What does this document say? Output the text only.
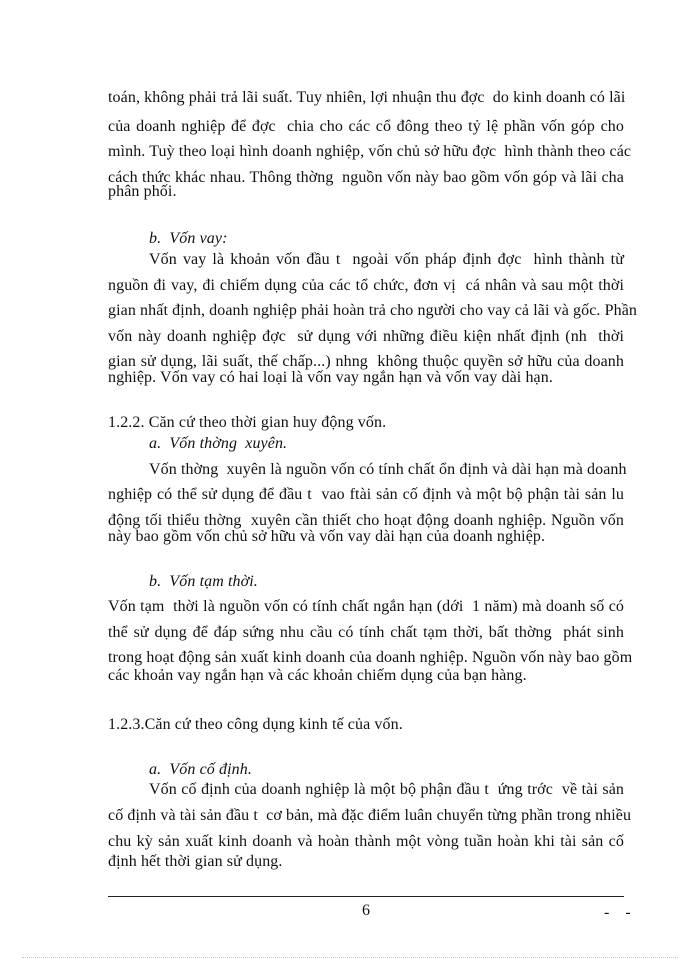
toán, không phải trả lãi suất. Tuy nhiên, lợi nhuận thu đợc  do kinh doanh có lãi
của doanh nghiệp để đợc  chia cho các cổ đông theo tỷ lệ phần vốn góp cho
mình. Tuỳ theo loại hình doanh nghiệp, vốn chủ sở hữu đợc  hình thành theo các
cách thức khác nhau. Thông thờng  nguồn vốn này bao gồm vốn góp và lãi cha
phân phối.
b.  Vốn vay:
Vốn vay là khoản vốn đầu t  ngoài vốn pháp định đợc  hình thành từ
nguồn đi vay, đi chiếm dụng của các tổ chức, đơn vị  cá nhân và sau một thời
gian nhất định, doanh nghiệp phải hoàn trả cho người cho vay cả lãi và gốc. Phần
vốn này doanh nghiệp đợc  sử dụng với những điều kiện nhất định (nh  thời
gian sử dụng, lãi suất, thế chấp...) nhng  không thuộc quyền sở hữu của doanh
nghiệp. Vốn vay có hai loại là vốn vay ngắn hạn và vốn vay dài hạn.
1.2.2. Căn cứ theo thời gian huy động vốn.
a.  Vốn thờng  xuyên.
Vốn thờng  xuyên là nguồn vốn có tính chất ổn định và dài hạn mà doanh
nghiệp có thể sử dụng để đầu t  vao ftài sản cố định và một bộ phận tài sản lu
động tối thiểu thờng  xuyên cần thiết cho hoạt động doanh nghiệp. Nguồn vốn
này bao gồm vốn chủ sở hữu và vốn vay dài hạn của doanh nghiệp.
b.  Vốn tạm thời.
Vốn tạm  thời là nguồn vốn có tính chất ngắn hạn (dới  1 năm) mà doanh số có
thể sử dụng để đáp sứng nhu cầu có tính chất tạm thời, bất thờng  phát sinh
trong hoạt động sản xuất kinh doanh của doanh nghiệp. Nguồn vốn này bao gồm
các khoản vay ngắn hạn và các khoản chiếm dụng của bạn hàng.
1.2.3.Căn cứ theo công dụng kinh tế của vốn.
a.  Vốn cố định.
Vốn cố định của doanh nghiệp là một bộ phận đầu t  ứng trớc  về tài sản
cố định và tài sản đầu t  cơ bản, mà đặc điểm luân chuyển từng phần trong nhiều
chu kỳ sản xuất kinh doanh và hoàn thành một vòng tuần hoàn khi tài sản cố
định hết thời gian sử dụng.
6	- -
